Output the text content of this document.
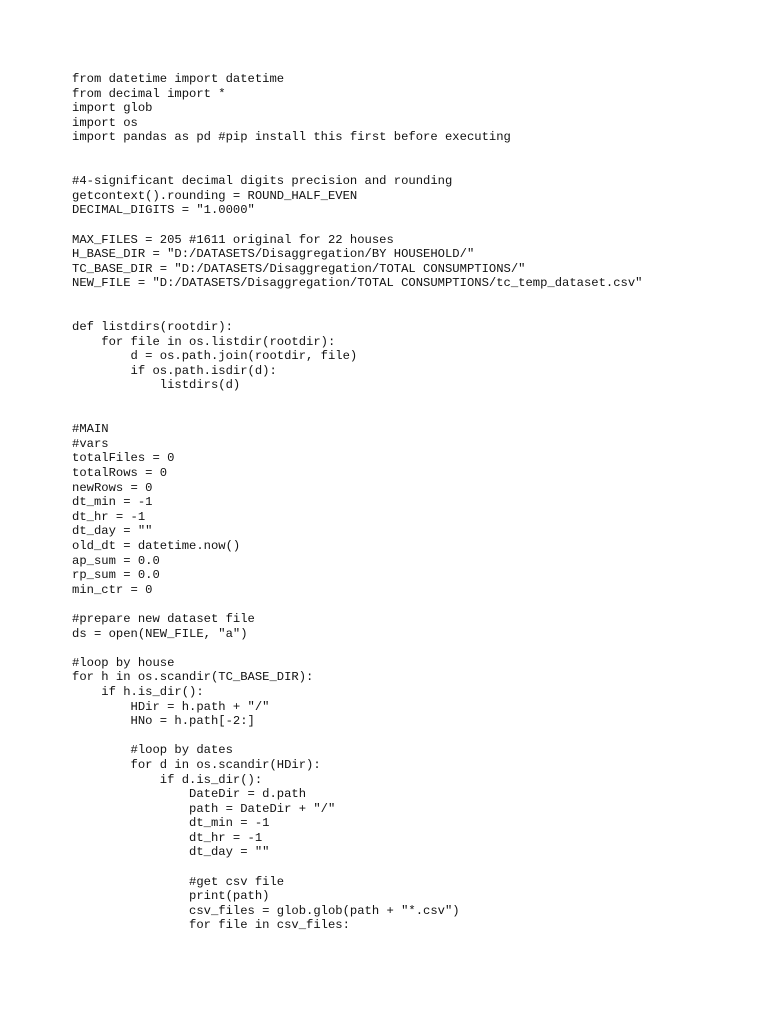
from datetime import datetime
from decimal import *
import glob
import os
import pandas as pd #pip install this first before executing
#4-significant decimal digits precision and rounding
getcontext().rounding = ROUND_HALF_EVEN
DECIMAL_DIGITS = "1.0000"
MAX_FILES = 205 #1611 original for 22 houses
H_BASE_DIR = "D:/DATASETS/Disaggregation/BY HOUSEHOLD/"
TC_BASE_DIR = "D:/DATASETS/Disaggregation/TOTAL CONSUMPTIONS/"
NEW_FILE = "D:/DATASETS/Disaggregation/TOTAL CONSUMPTIONS/tc_temp_dataset.csv"
def listdirs(rootdir):
for file in os.listdir(rootdir):
d = os.path.join(rootdir, file)
if os.path.isdir(d):
listdirs(d)
#MAIN
#vars
totalFiles = 0
totalRows = 0
newRows = 0
dt_min = -1
dt_hr = -1
dt_day = ""
old_dt = datetime.now()
ap_sum = 0.0
rp_sum = 0.0
min_ctr = 0
#prepare new dataset file
ds = open(NEW_FILE, "a")
#loop by house
for h in os.scandir(TC_BASE_DIR):
if h.is_dir():
HDir = h.path + "/"
HNo = h.path[-2:]
#loop by dates
for d in os.scandir(HDir):
if d.is_dir():
DateDir = d.path
path = DateDir + "/"
dt_min = -1
dt_hr = -1
dt_day = ""
#get csv file
print(path)
csv_files = glob.glob(path + "*.csv")
for file in csv_files:
